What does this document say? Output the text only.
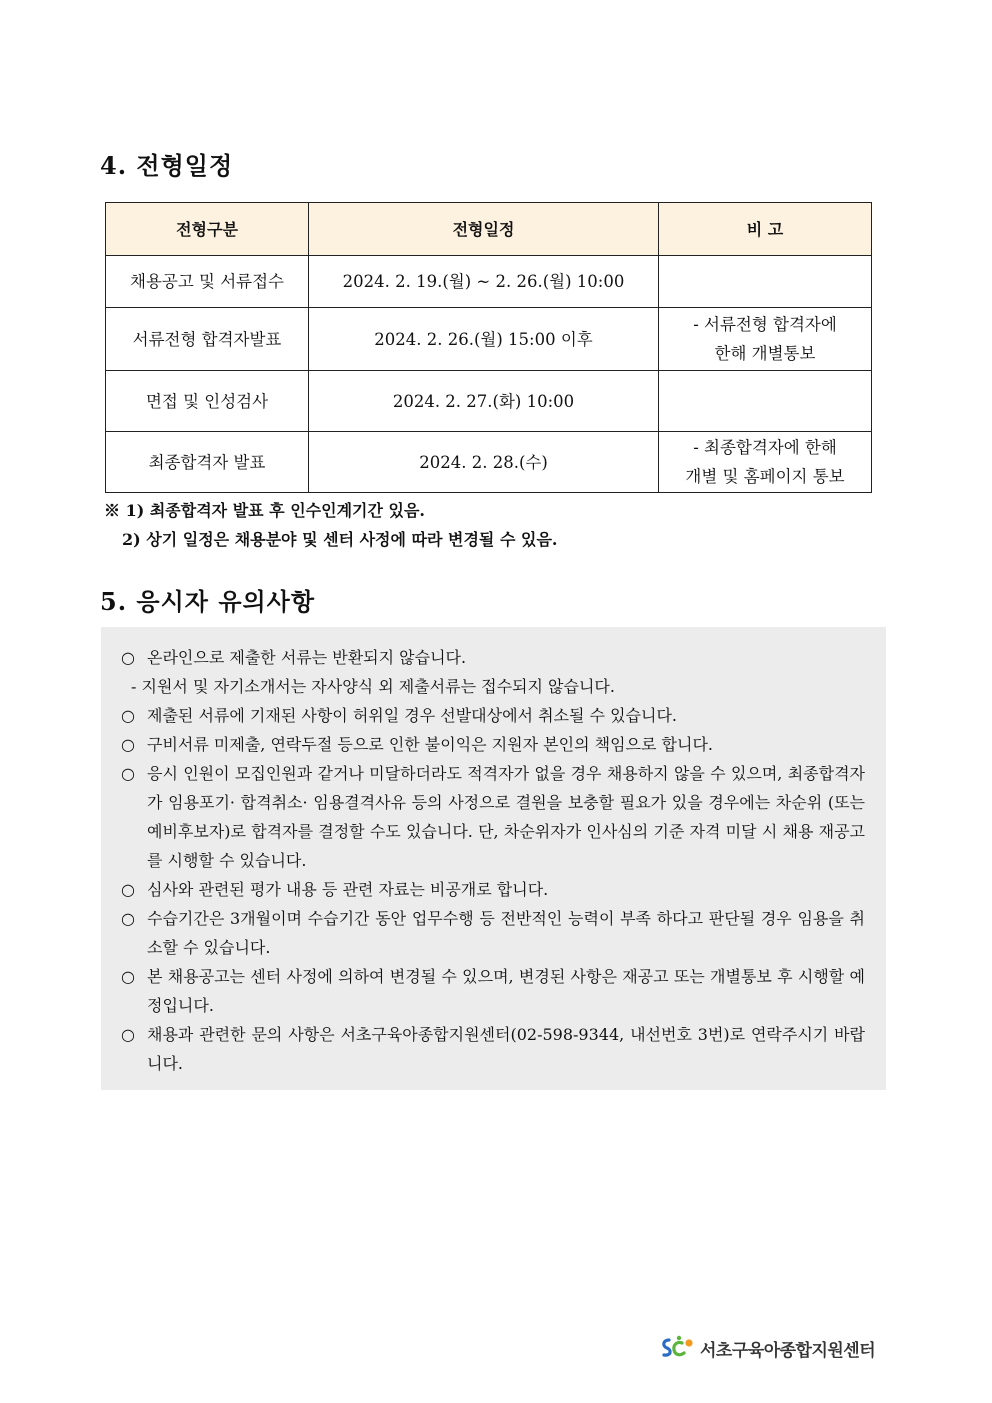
4. 전형일정
전형구분	전형일정	비 고
채용공고 및 서류접수	2024. 2. 19.(월) ~ 2. 26.(월) 10:00	
서류전형 합격자발표	2024. 2. 26.(월) 15:00 이후	- 서류전형 합격자에
한해 개별통보

면접 및 인성검사	2024. 2. 27.(화) 10:00	
최종합격자 발표	2024. 2. 28.(수)	- 최종합격자에 한해
개별 및 홈페이지 통보
※ 1) 최종합격자 발표 후 인수인계기간 있음.
2) 상기 일정은 채용분야 및 센터 사정에 따라 변경될 수 있음.
5. 응시자 유의사항
○ 온라인으로 제출한 서류는 반환되지 않습니다.
- 지원서 및 자기소개서는 자사양식 외 제출서류는 접수되지 않습니다.
○ 제출된 서류에 기재된 사항이 허위일 경우 선발대상에서 취소될 수 있습니다.
○ 구비서류 미제출, 연락두절 등으로 인한 불이익은 지원자 본인의 책임으로 합니다.
○ 응시 인원이 모집인원과 같거나 미달하더라도 적격자가 없을 경우 채용하지 않을 수 있으며, 최종합격자가 임용포기· 합격취소· 임용결격사유 등의 사정으로 결원을 보충할 필요가 있을 경우에는 차순위 (또는 예비후보자)로 합격자를 결정할 수도 있습니다. 단, 차순위자가 인사심의 기준 자격 미달 시 채용 재공고를 시행할 수 있습니다.
○ 심사와 관련된 평가 내용 등 관련 자료는 비공개로 합니다.
○ 수습기간은 3개월이며 수습기간 동안 업무수행 등 전반적인 능력이 부족 하다고 판단될 경우 임용을 취소할 수 있습니다.
○ 본 채용공고는 센터 사정에 의하여 변경될 수 있으며, 변경된 사항은 재공고 또는 개별통보 후 시행할 예정입니다.
○ 채용과 관련한 문의 사항은 서초구육아종합지원센터(02-598-9344, 내선번호 3번)로 연락주시기 바랍니다.
서초구육아종합지원센터
